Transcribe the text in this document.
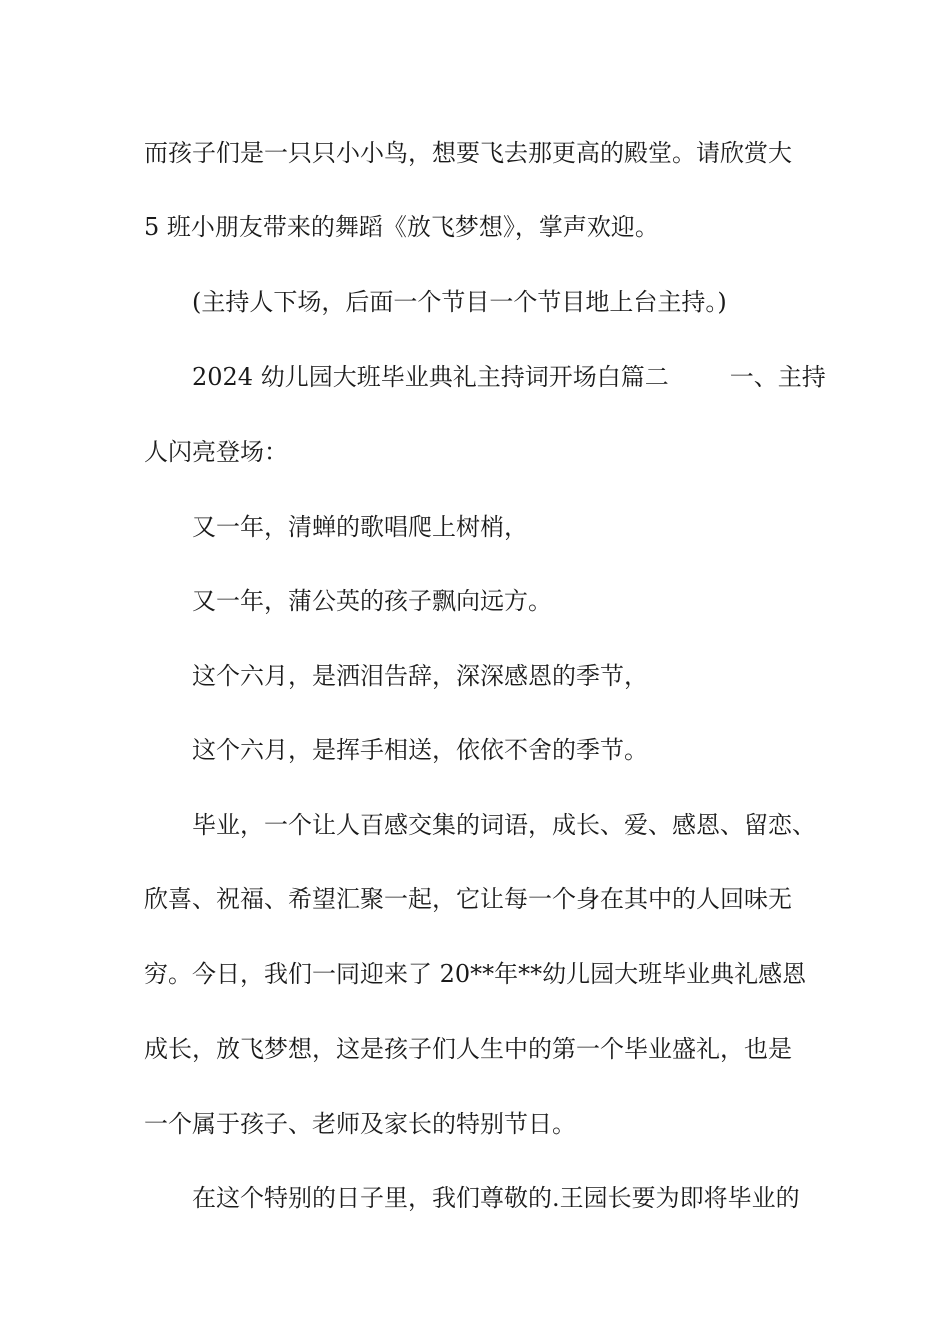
而孩子们是一只只小小鸟，想要飞去那更高的殿堂。请欣赏大
5 班小朋友带来的舞蹈《放飞梦想》，掌声欢迎。
(主持人下场，后面一个节目一个节目地上台主持。)
2024 幼儿园大班毕业典礼主持词开场白篇二        一、主持
人闪亮登场：
又一年，清蝉的歌唱爬上树梢，
又一年，蒲公英的孩子飘向远方。
这个六月，是洒泪告辞，深深感恩的季节，
这个六月，是挥手相送，依依不舍的季节。
毕业，一个让人百感交集的词语，成长、爱、感恩、留恋、
欣喜、祝福、希望汇聚一起，它让每一个身在其中的人回味无
穷。今日，我们一同迎来了 20**年**幼儿园大班毕业典礼感恩
成长，放飞梦想，这是孩子们人生中的第一个毕业盛礼，也是
一个属于孩子、老师及家长的特别节日。
在这个特别的日子里，我们尊敬的.王园长要为即将毕业的
